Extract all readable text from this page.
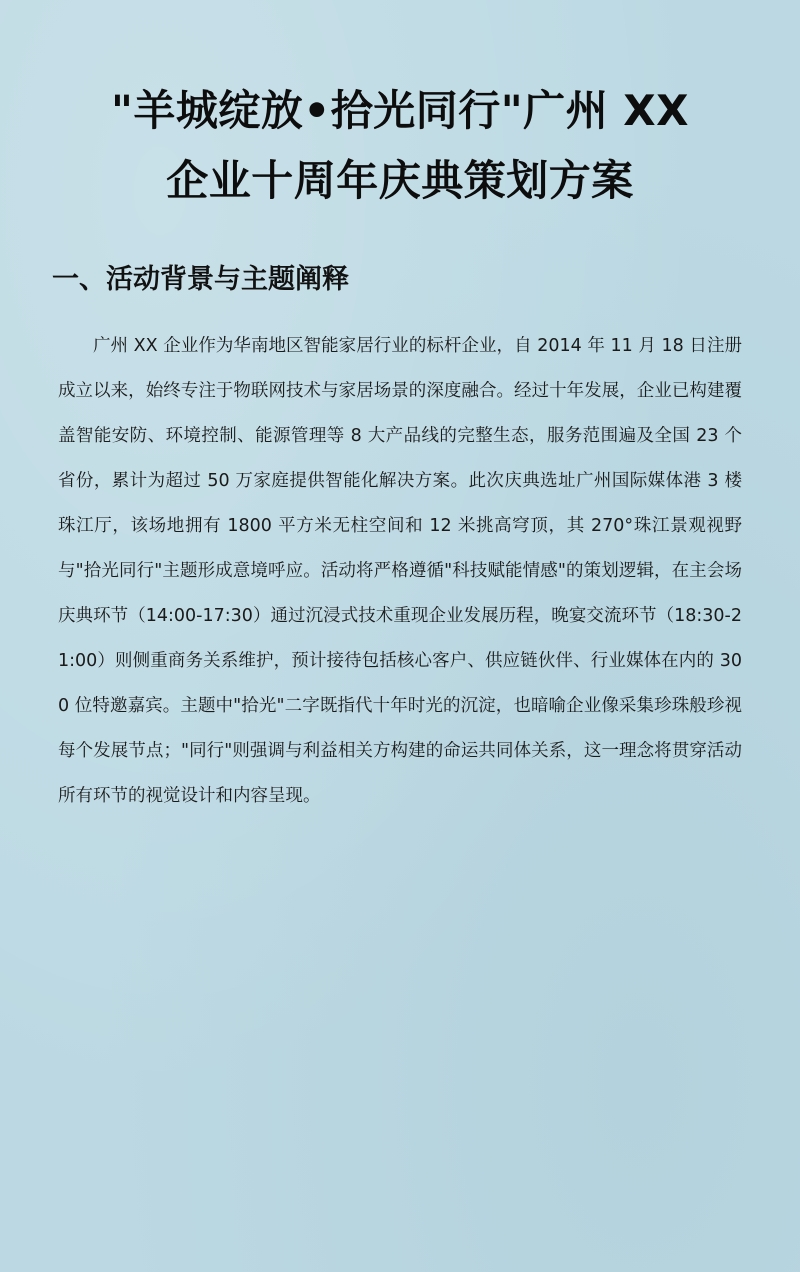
"羊城绽放•拾光同行"广州 XX
企业十周年庆典策划方案
一、活动背景与主题阐释

广州 XX 企业作为华南地区智能家居行业的标杆企业，自 2014 年 11 月 18 日注册成立以来，始终专注于物联网技术与家居场景的深度融合。经过十年发展，企业已构建覆盖智能安防、环境控制、能源管理等 8 大产品线的完整生态，服务范围遍及全国 23 个省份，累计为超过 50 万家庭提供智能化解决方案。此次庆典选址广州国际媒体港 3 楼珠江厅，该场地拥有 1800 平方米无柱空间和 12 米挑高穹顶，其 270°珠江景观视野与"拾光同行"主题形成意境呼应。活动将严格遵循"科技赋能情感"的策划逻辑，在主会场庆典环节（14:00-17:30）通过沉浸式技术重现企业发展历程，晚宴交流环节（18:30-21:00）则侧重商务关系维护，预计接待包括核心客户、供应链伙伴、行业媒体在内的 300 位特邀嘉宾。主题中"拾光"二字既指代十年时光的沉淀，也暗喻企业像采集珍珠般珍视每个发展节点；"同行"则强调与利益相关方构建的命运共同体关系，这一理念将贯穿活动所有环节的视觉设计和内容呈现。
